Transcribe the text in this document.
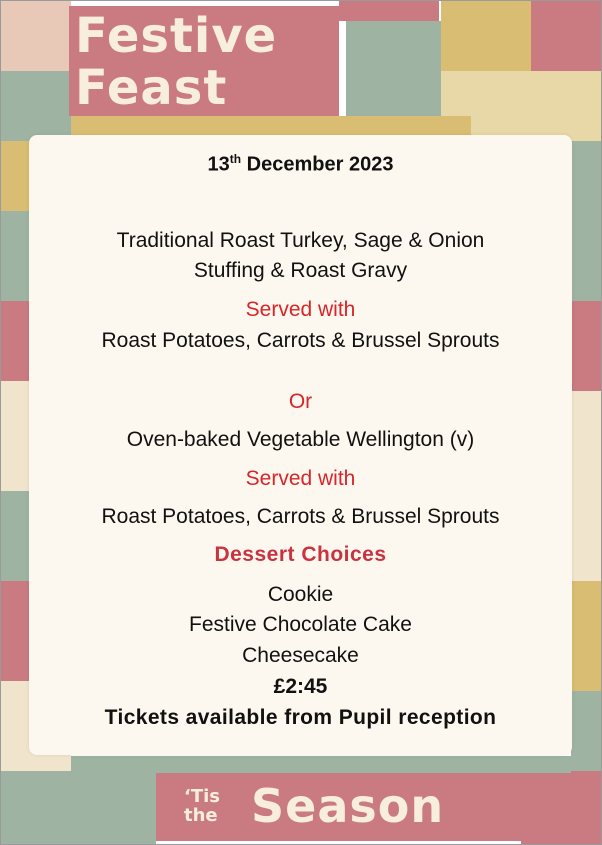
Festive
Feast
13th December 2023
Traditional Roast Turkey, Sage & Onion
Stuffing & Roast Gravy
Served with
Roast Potatoes, Carrots & Brussel Sprouts
Or
Oven-baked Vegetable Wellington (v)
Served with
Roast Potatoes, Carrots & Brussel Sprouts
Dessert Choices
Cookie
Festive Chocolate Cake
Cheesecake
£2:45
Tickets available from Pupil reception
‘Tis
the Season
